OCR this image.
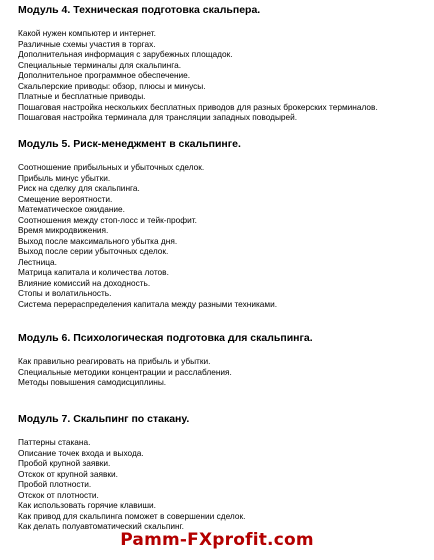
Модуль 4. Техническая подготовка скальпера.
Какой нужен компьютер и интернет.
Различные схемы участия в торгах.
Дополнительная информация с зарубежных площадок.
Специальные терминалы для скальпинга.
Дополнительное программное обеспечение.
Скальперские приводы: обзор, плюсы и минусы.
Платные и бесплатные приводы.
Пошаговая настройка нескольких бесплатных приводов для разных брокерских терминалов.
Пошаговая настройка терминала для трансляции западных поводырей.
Модуль 5. Риск-менеджмент в скальпинге.
Соотношение прибыльных и убыточных сделок.
Прибыль минус убытки.
Риск на сделку для скальпинга.
Смещение вероятности.
Математическое ожидание.
Соотношения между стоп-лосс и тейк-профит.
Время микродвижения.
Выход после максимального убытка дня.
Выход после серии убыточных сделок.
Лестница.
Матрица капитала и количества лотов.
Влияние комиссий на доходность.
Стопы и волатильность.
Система перераспределения капитала между разными техниками.
Модуль 6. Психологическая подготовка для скальпинга.
Как правильно реагировать на прибыль и убытки.
Специальные методики концентрации и расслабления.
Методы повышения самодисциплины.
Модуль 7. Скальпинг по стакану.
Паттерны стакана.
Описание точек входа и выхода.
Пробой крупной заявки.
Отскок от крупной заявки.
Пробой плотности.
Отскок от плотности.
Как использовать горячие клавиши.
Как привод для скальпинга поможет в совершении сделок.
Как делать полуавтоматический скальпинг.
Pamm-FXprofit.com
